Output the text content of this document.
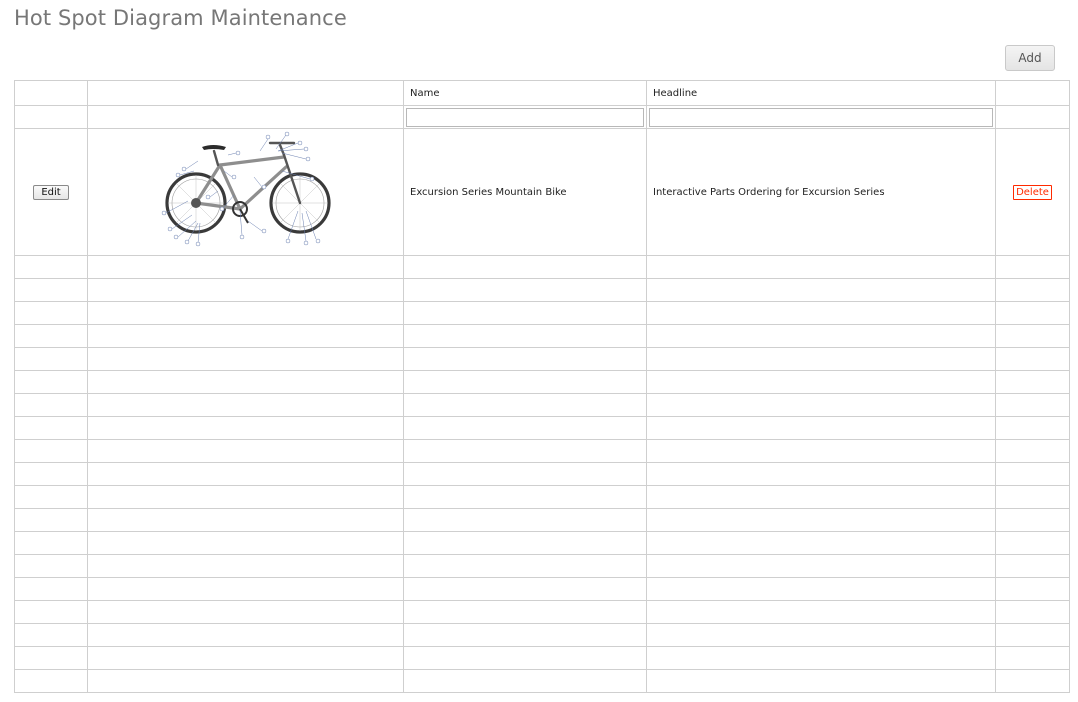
Hot Spot Diagram Maintenance
Add
		Name	Headline	

Edit		Excursion Series Mountain Bike	Interactive Parts Ordering for Excursion Series	Delete
